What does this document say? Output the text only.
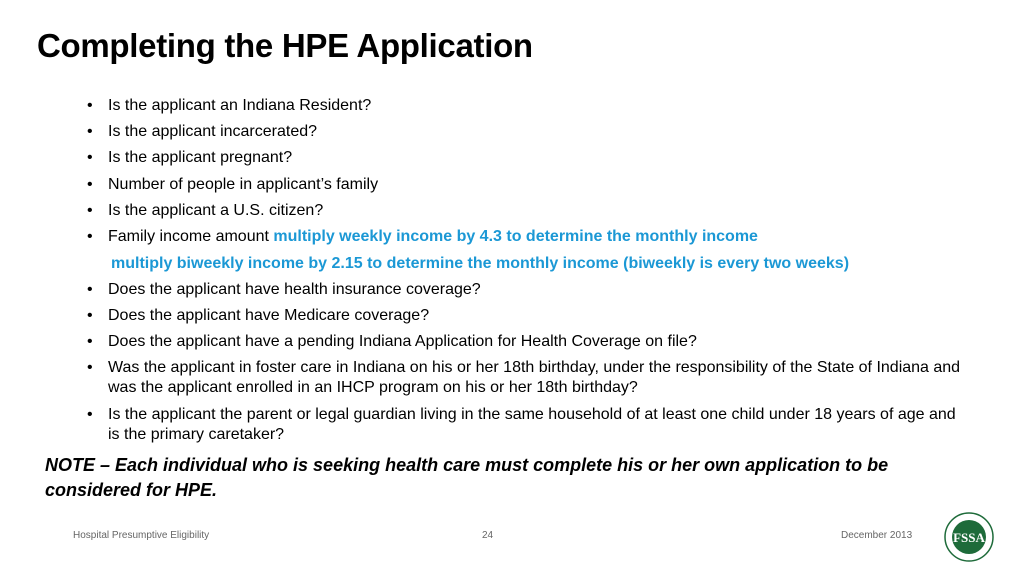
Completing the HPE Application
• Is the applicant an Indiana Resident?
• Is the applicant incarcerated?
• Is the applicant pregnant?
• Number of people in applicant’s family
• Is the applicant a U.S. citizen?
• Family income amount multiply weekly income by 4.3 to determine the monthly income
• Does the applicant have health insurance coverage?
• Does the applicant have Medicare coverage?
• Does the applicant have a pending Indiana Application for Health Coverage on file?
• Was the applicant in foster care in Indiana on his or her 18th birthday, under the responsibility of the State of Indiana and was the applicant enrolled in an IHCP program on his or her 18th birthday?
• Is the applicant the parent or legal guardian living in the same household of at least one child under 18 years of age and is the primary caretaker?
multiply biweekly income by 2.15 to determine the monthly income (biweekly is every two weeks)
NOTE – Each individual who is seeking health care must complete his or her own application to be considered for HPE.
Hospital Presumptive Eligibility	24	December 2013	FSSA
